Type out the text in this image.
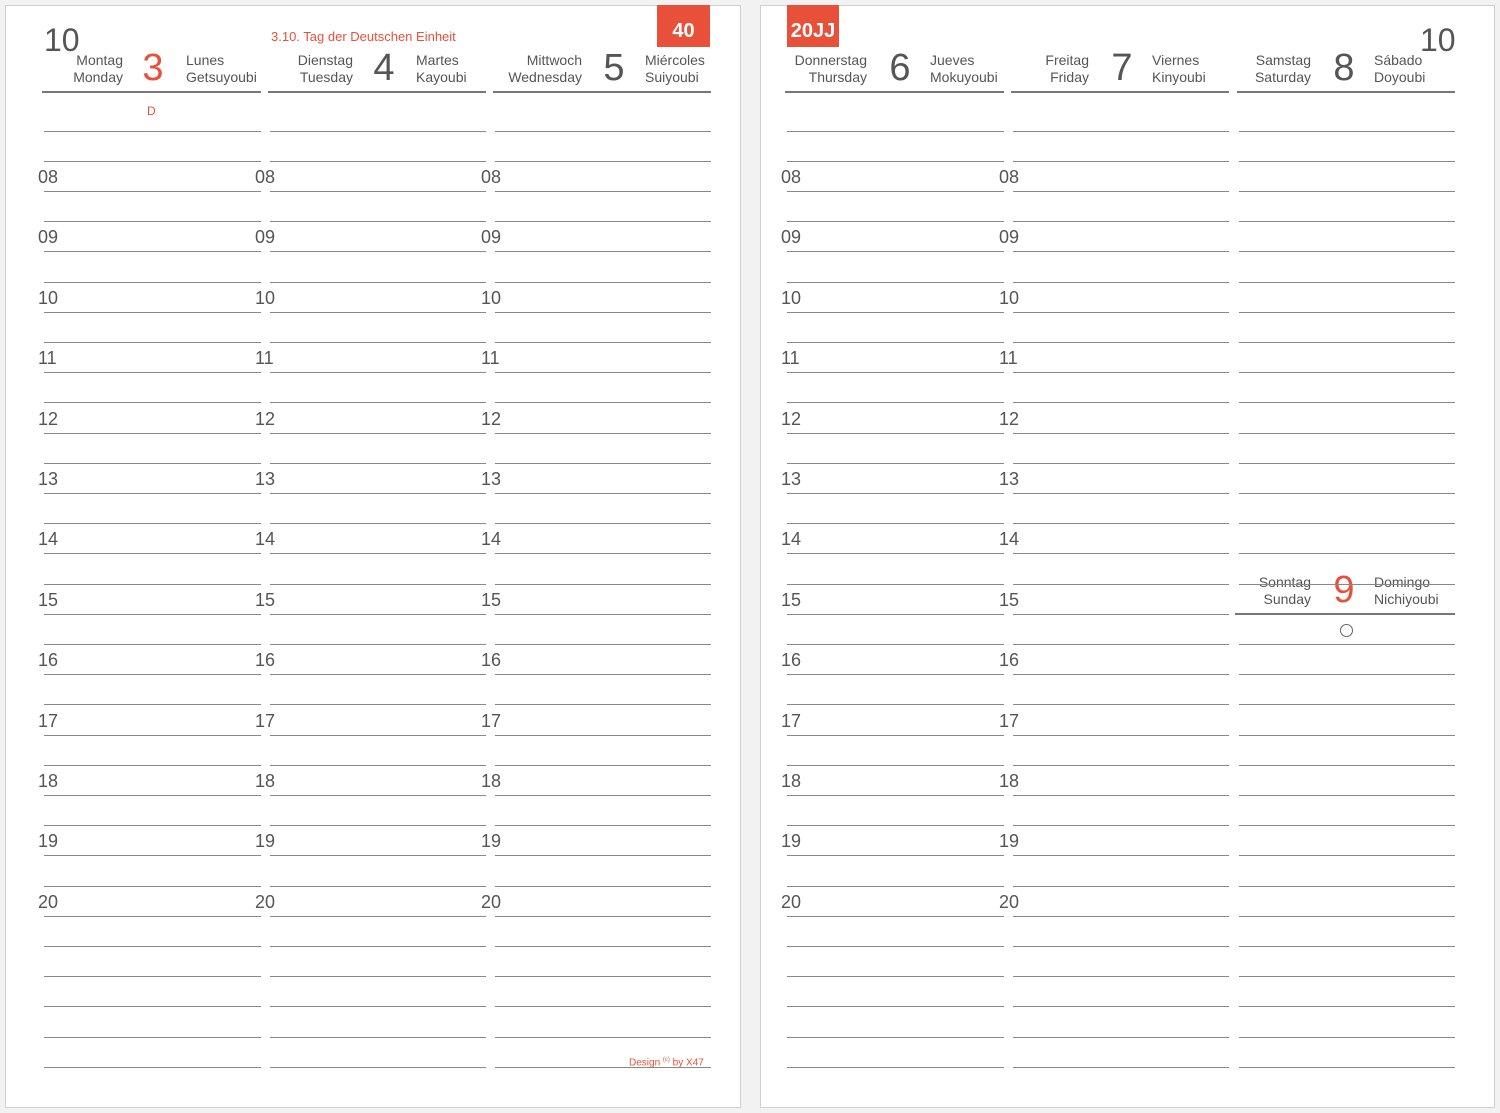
10	10
3.10. Tag der Deutschen Einheit	40	20JJ
Montag
Monday 3	Lunes
Getsuyoubi
Dienstag
Tuesday 4	Martes
Kayoubi
Mittwoch
Wednesday 5	Miércoles
Suiyoubi
Donnerstag
Thursday 6	Jueves
Mokuyoubi
Freitag
Friday 7	Viernes
Kinyoubi
Samstag
Saturday 8	Sábado
Doyoubi
Sonntag
Sunday 9	Domingo
Nichiyoubi
D
Design $^{(c)}$ by X47
08	08	08	08	08
09	09	09	09	09
10	10	10	10	10
11	11	11	11	11
12	12	12	12	12
13	13	13	13	13
14	14	14	14	14
15	15	15	15	15
16	16	16	16	16
17	17	17	17	17
18	18	18	18	18
19	19	19	19	19
20	20	20	20	20
